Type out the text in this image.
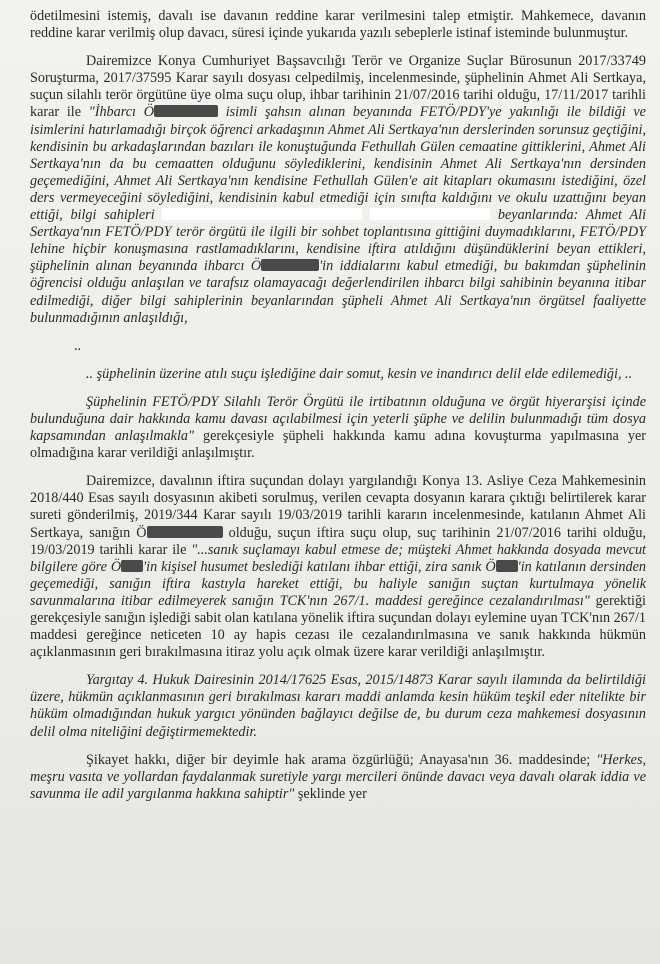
ödetilmesini istemiş, davalı ise davanın reddine karar verilmesini talep etmiştir. Mahkemece, davanın reddine karar verilmiş olup davacı, süresi içinde yukarıda yazılı sebeplerle istinaf isteminde bulunmuştur.

Dairemizce Konya Cumhuriyet Başsavcılığı Terör ve Organize Suçlar Bürosunun 2017/33749 Soruşturma, 2017/37595 Karar sayılı dosyası celpedilmiş, incelenmesinde, şüphelinin Ahmet Ali Sertkaya, suçun silahlı terör örgütüne üye olma suçu olup, ihbar tarihinin 21/07/2016 tarihi olduğu, 17/11/2017 tarihli karar ile "İhbarcı Ö	isimli şahsın alınan beyanında FETÖ/PDY'ye yakınlığı ile bildiği ve isimlerini hatırlamadığı birçok öğrenci arkadaşının Ahmet Ali Sertkaya'nın derslerinden sorunsuz geçtiğini, kendisinin bu arkadaşlarından bazıları ile konuştuğunda Fethullah Gülen cemaatine gittiklerini, Ahmet Ali Sertkaya'nın da bu cemaatten olduğunu söylediklerini, kendisinin Ahmet Ali Sertkaya'nın dersinden geçemediğini, Ahmet Ali Sertkaya'nın kendisine Fethullah Gülen'e ait kitapları okumasını istediğini, özel ders vermeyeceğini söylediğini, kendisinin kabul etmediği için sınıfta kaldığını ve okulu uzattığını beyan ettiği, bilgi sahipleri	beyanlarında: Ahmet Ali Sertkaya'nın FETÖ/PDY terör örgütü ile ilgili bir sohbet toplantısına gittiğini duymadıklarını, FETÖ/PDY lehine hiçbir konuşmasına rastlamadıklarını, kendisine iftira atıldığını düşündüklerini beyan ettikleri, şüphelinin alınan beyanında ihbarcı Ö	'in iddialarını kabul etmediği, bu bakımdan şüphelinin öğrencisi olduğu anlaşılan ve tarafsız olamayacağı değerlendirilen ihbarcı bilgi sahibinin beyanına itibar edilmediği, diğer bilgi sahiplerinin beyanlarından şüpheli Ahmet Ali Sertkaya'nın örgütsel faaliyette bulunmadığının anlaşıldığı,

..

.. şüphelinin üzerine atılı suçu işlediğine dair somut, kesin ve inandırıcı delil elde edilemediği, ..

Şüphelinin FETÖ/PDY Silahlı Terör Örgütü ile irtibatının olduğuna ve örgüt hiyerarşisi içinde bulunduğuna dair hakkında kamu davası açılabilmesi için yeterli şüphe ve delilin bulunmadığı tüm dosya kapsamından anlaşılmakla" gerekçesiyle şüpheli hakkında kamu adına kovuşturma yapılmasına yer olmadığına karar verildiği anlaşılmıştır.

Dairemizce, davalının iftira suçundan dolayı yargılandığı Konya 13. Asliye Ceza Mahkemesinin 2018/440 Esas sayılı dosyasının akibeti sorulmuş, verilen cevapta dosyanın karara çıktığı belirtilerek karar sureti gönderilmiş, 2019/344 Karar sayılı 19/03/2019 tarihli kararın incelenmesinde, katılanın Ahmet Ali Sertkaya, sanığın Ö	olduğu, suçun iftira suçu olup, suç tarihinin 21/07/2016 tarihi olduğu, 19/03/2019 tarihli karar ile "...sanık suçlamayı kabul etmese de; müşteki Ahmet hakkında dosyada mevcut bilgilere göre Ö 'in kişisel husumet beslediği katılanı ihbar ettiği, zira sanık Ö 'in katılanın dersinden geçemediği, sanığın iftira kastıyla hareket ettiği, bu haliyle sanığın suçtan kurtulmaya yönelik savunmalarına itibar edilmeyerek sanığın TCK'nın 267/1. maddesi gereğince cezalandırılması" gerektiği gerekçesiyle sanığın işlediği sabit olan katılana yönelik iftira suçundan dolayı eylemine uyan TCK'nın 267/1 maddesi gereğince neticeten 10 ay hapis cezası ile cezalandırılmasına ve sanık hakkında hükmün açıklanmasının geri bırakılmasına itiraz yolu açık olmak üzere karar verildiği anlaşılmıştır.

Yargıtay 4. Hukuk Dairesinin 2014/17625 Esas, 2015/14873 Karar sayılı ilamında da belirtildiği üzere, hükmün açıklanmasının geri bırakılması kararı maddi anlamda kesin hüküm teşkil eder nitelikte bir hüküm olmadığından hukuk yargıcı yönünden bağlayıcı değilse de, bu durum ceza mahkemesi dosyasının delil olma niteliğini değiştirmemektedir.

Şikayet hakkı, diğer bir deyimle hak arama özgürlüğü; Anayasa'nın 36. maddesinde; "Herkes, meşru vasıta ve yollardan faydalanmak suretiyle yargı mercileri önünde davacı veya davalı olarak iddia ve savunma ile adil yargılanma hakkına sahiptir" şeklinde yer
